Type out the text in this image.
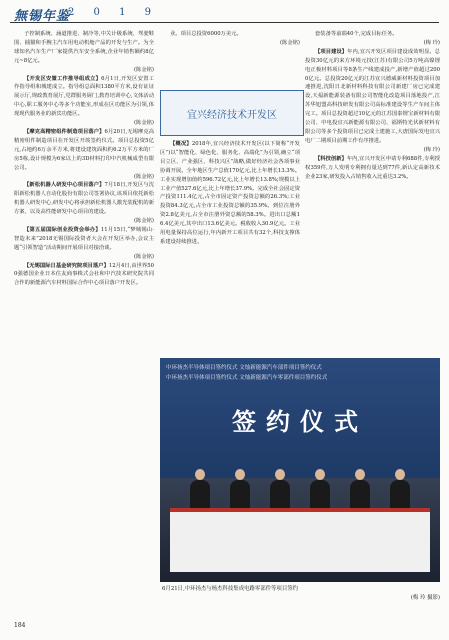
無锡年鉴
2 0 1 9

子控制系统、涵道推进、制冷等,中关计级系统、驾驶鞋围、捕猫和手腕主汽车用电动机舱产品的开发与生产。为全球知名汽车生产厂家提供汽车安全系统,企业年销售额约8亿元~8亿元。

(陈金铭)

【开发区安置工作推导组成立】6月1日,开发区安置工作指导组和城建成立。指导组总面积1380平方米,设有证证展示厅,规政教育展厅,党群服务厨门,教育培训中心,文体活动中心,职工服务中心等多个功能室,形成在区功能区为引领,体现现代服务业的新宾功能区。

(陈金铭)

【摩克高精密组件制造项目落户】6月20日,无锡摩克高精密组件制造项目在开发区开竣签约仪式。项目总投资5亿元,占地约6万余平方米,将建设建筑面积约6.2万平方米的厂房5栋,设计规模为6家以上的3D材料打印中汽机械成型有限公司。

(陈金铭)

【新松机器人研发中心项目落户】7月18日,开发区与沈阳新松机器人自动化股份有限公司签署协议,该项目依托新松机器人研发中心,研发中心将承担新松机器人激光装配机的新方案、以及高性能研发中心项目的建设。

(陈金铭)

【第五届国际创业投资会举办】11月15日,“梦城锡山·智造未来”2018无锡国际投资者大会在开发区举办,会议主题“引领智造”活动期间开展项目对接洽谈。

(陈金铭)

【无锡国际日基金研究院项目落户】12月4日,由世界500强德国企业日本住友商事株式会社和中汽技术研究院共同合作的新能源汽车材料国际合作中心项目落户开发区。

业。项目总投资6000万美元。

(陈金铭)

宜兴经济技术开发区

【概况】2018年,宜兴经济技术开发区(以下简称“开发区”)以“智能化、绿色化、服务化、高端化”为引领,确立“项目立区、产业强区、科技兴区”战略,做好经济社会各项事业协调开展。全年地区生产总值170亿元,比上年增长13.3%。工业实现增加值约596.72亿元,比上年增长13.8%;规模以上工业产值527.6亿元,比上年增长37.9%。完成全社会固定资产投资111.4亿元,占全市固定资产投资总额的26.3%;工业投资84.3亿元,占全市工业投资总额的35.9%。到位注册外资2.8亿美元,占全市注册外资总额的58.3%。进出口总额16.4亿美元,其中出口13.6亿美元。税收收入30.9亿元。工业用电量保持高位运行,年内新开工项目共有32个,科技支撑体系建设持续推进。

套装备等前端40个,完成目标任务。

(梅 玲)

【项目建设】年内,宜兴开发区项目建设成效明显。总投资30亿元的来方环境元技(江苏)有限公司5万吨高镍锂电正极材料项目等8条生产线建成投产,新增产值超过2000亿元。总投资20亿元的江苏宜兴德威新材料投资项目加速推进,沈阳日北新材料科技有限公司新建厂房已完成建设,天福新能源装备有限公司智能化改造项目落地投产,江苏华旭盟高科技研发有限公司高标准建设等生产车间主体完工。项目总投资超过10亿元的江苏国泰锂宝新材料有限公司、中电投宜兴新能源有限公司、福斯特光伏新材料有限公司等多个投资项目已完成土建施工,大唐国际发电宜兴电厂二期项目前期工作有序推进。

(梅 玲)

【科技创新】年内,宜兴开发区申请专利688件,专利授权359件,万人发明专利拥有量达到77件,新认定高新技术企业23家,研发投入占销售收入比重达3.2%。

中环扬杰半导体项目签约仪式 文灿新能源汽车部件项目签约仪式
中环扬杰半导体项目签约仪式 文灿新能源汽车零部件项目签约仪式
签约仪式
6月21日,中环扬杰与杨杰科技集成电路零部件等项目签约
(梅 玲 摄影)
184
